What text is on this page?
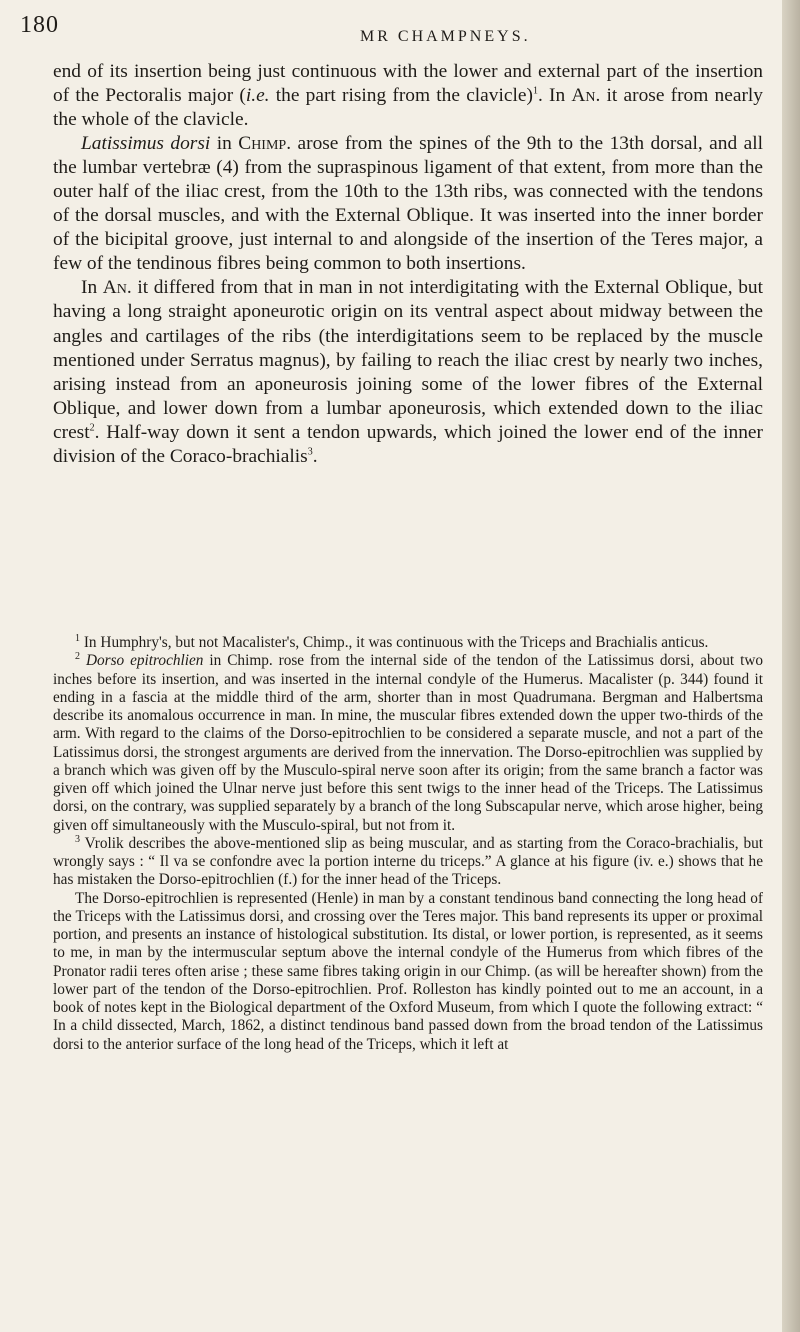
180	MR CHAMPNEYS.

end of its insertion being just continuous with the lower and external part of the insertion of the Pectoralis major (i.e. the part rising from the clavicle)$^1$. In An. it arose from nearly the whole of the clavicle.

Latissimus dorsi in Chimp. arose from the spines of the 9th to the 13th dorsal, and all the lumbar vertebræ (4) from the supraspinous ligament of that extent, from more than the outer half of the iliac crest, from the 10th to the 13th ribs, was connected with the tendons of the dorsal muscles, and with the External Oblique. It was inserted into the inner border of the bicipital groove, just internal to and alongside of the insertion of the Teres major, a few of the tendinous fibres being common to both insertions.

In An. it differed from that in man in not interdigitating with the External Oblique, but having a long straight aponeurotic origin on its ventral aspect about midway between the angles and cartilages of the ribs (the interdigitations seem to be replaced by the muscle mentioned under Serratus magnus), by failing to reach the iliac crest by nearly two inches, arising instead from an aponeurosis joining some of the lower fibres of the External Oblique, and lower down from a lumbar aponeurosis, which extended down to the iliac crest$^2$. Half-way down it sent a tendon upwards, which joined the lower end of the inner division of the Coraco-brachialis$^3$.

$^1$ In Humphry's, but not Macalister's, Chimp., it was continuous with the Triceps and Brachialis anticus.

$^2$ Dorso epitrochlien in Chimp. rose from the internal side of the tendon of the Latissimus dorsi, about two inches before its insertion, and was inserted in the internal condyle of the Humerus. Macalister (p. 344) found it ending in a fascia at the middle third of the arm, shorter than in most Quadrumana. Bergman and Halbertsma describe its anomalous occurrence in man. In mine, the muscular fibres extended down the upper two-thirds of the arm. With regard to the claims of the Dorso-epitrochlien to be considered a separate muscle, and not a part of the Latissimus dorsi, the strongest arguments are derived from the innervation. The Dorso-epitrochlien was supplied by a branch which was given off by the Musculo-spiral nerve soon after its origin; from the same branch a factor was given off which joined the Ulnar nerve just before this sent twigs to the inner head of the Triceps. The Latissimus dorsi, on the contrary, was supplied separately by a branch of the long Subscapular nerve, which arose higher, being given off simultaneously with the Musculo-spiral, but not from it.

$^3$ Vrolik describes the above-mentioned slip as being muscular, and as starting from the Coraco-brachialis, but wrongly says : “ Il va se confondre avec la portion interne du triceps.” A glance at his figure (iv. e.) shows that he has mistaken the Dorso-epitrochlien (f.) for the inner head of the Triceps.

The Dorso-epitrochlien is represented (Henle) in man by a constant tendinous band connecting the long head of the Triceps with the Latissimus dorsi, and crossing over the Teres major. This band represents its upper or proximal portion, and presents an instance of histological substitution. Its distal, or lower portion, is represented, as it seems to me, in man by the intermuscular septum above the internal condyle of the Humerus from which fibres of the Pronator radii teres often arise ; these same fibres taking origin in our Chimp. (as will be hereafter shown) from the lower part of the tendon of the Dorso-epitrochlien. Prof. Rolleston has kindly pointed out to me an account, in a book of notes kept in the Biological department of the Oxford Museum, from which I quote the following extract: “ In a child dissected, March, 1862, a distinct tendinous band passed down from the broad tendon of the Latissimus dorsi to the anterior surface of the long head of the Triceps, which it left at
